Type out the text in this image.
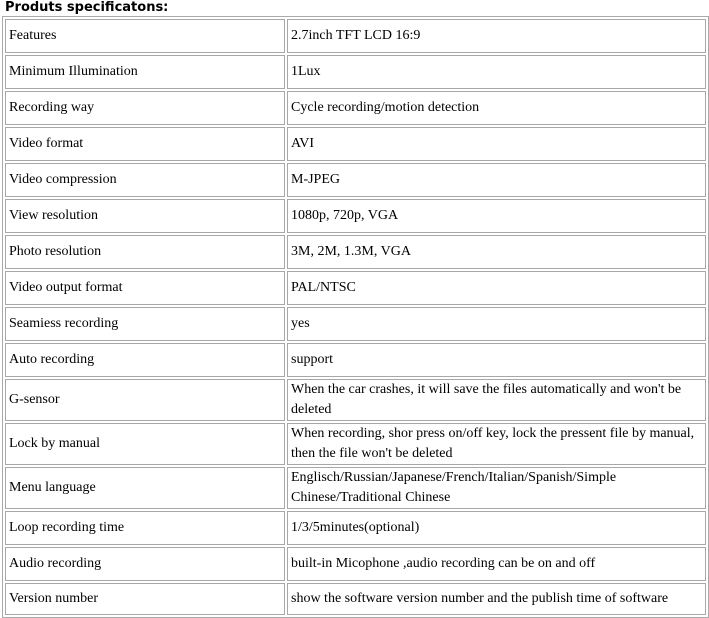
Produts specificatons:
Features	2.7inch TFT LCD 16:9
Minimum Illumination	1Lux
Recording way	Cycle recording/motion detection
Video format	AVI
Video compression	M-JPEG
View resolution	1080p, 720p, VGA
Photo resolution	3M, 2M, 1.3M, VGA
Video output format	PAL/NTSC
Seamiess recording	yes
Auto recording	support
G-sensor	When the car crashes, it will save the files automatically and won't be deleted
Lock by manual	When recording, shor press on/off key, lock the pressent file by manual, then the file won't be deleted
Menu language	Englisch/Russian/Japanese/French/Italian/Spanish/Simple Chinese/Traditional Chinese
Loop recording time	1/3/5minutes(optional)
Audio recording	built-in Micophone ,audio recording can be on and off
Version number	show the software version number and the publish time of software
